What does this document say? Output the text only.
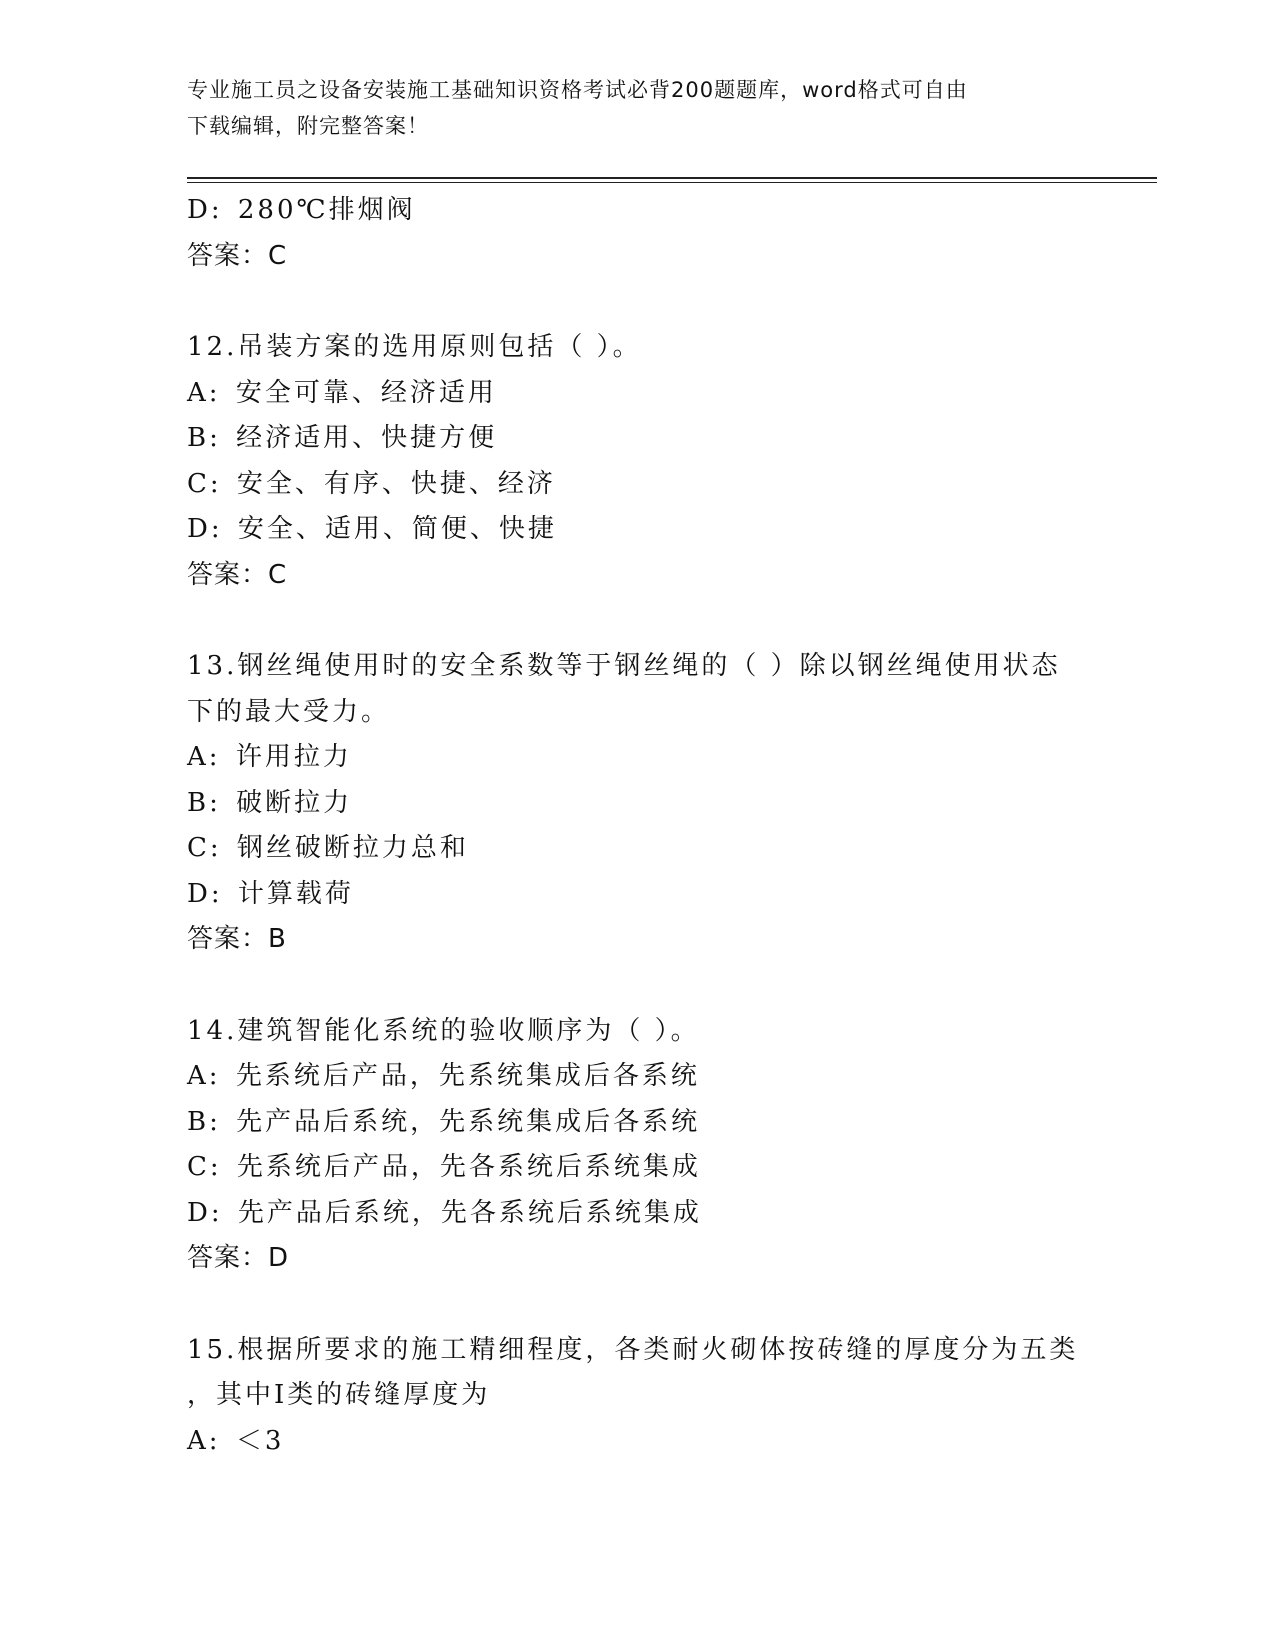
专业施工员之设备安装施工基础知识资格考试必背200题题库，word格式可自由
下载编辑，附完整答案！
D: 280℃排烟阀
答案：C
12.吊装方案的选用原则包括（ ）。
A: 安全可靠、经济适用
B: 经济适用、快捷方便
C: 安全、有序、快捷、经济
D: 安全、适用、简便、快捷
答案：C
13.钢丝绳使用时的安全系数等于钢丝绳的（ ）除以钢丝绳使用状态
下的最大受力。
A: 许用拉力
B: 破断拉力
C: 钢丝破断拉力总和
D: 计算载荷
答案：B
14.建筑智能化系统的验收顺序为（ ）。
A: 先系统后产品，先系统集成后各系统
B: 先产品后系统，先系统集成后各系统
C: 先系统后产品，先各系统后系统集成
D: 先产品后系统，先各系统后系统集成
答案：D
15.根据所要求的施工精细程度，各类耐火砌体按砖缝的厚度分为五类
，其中Ⅰ类的砖缝厚度为
A: ＜3
